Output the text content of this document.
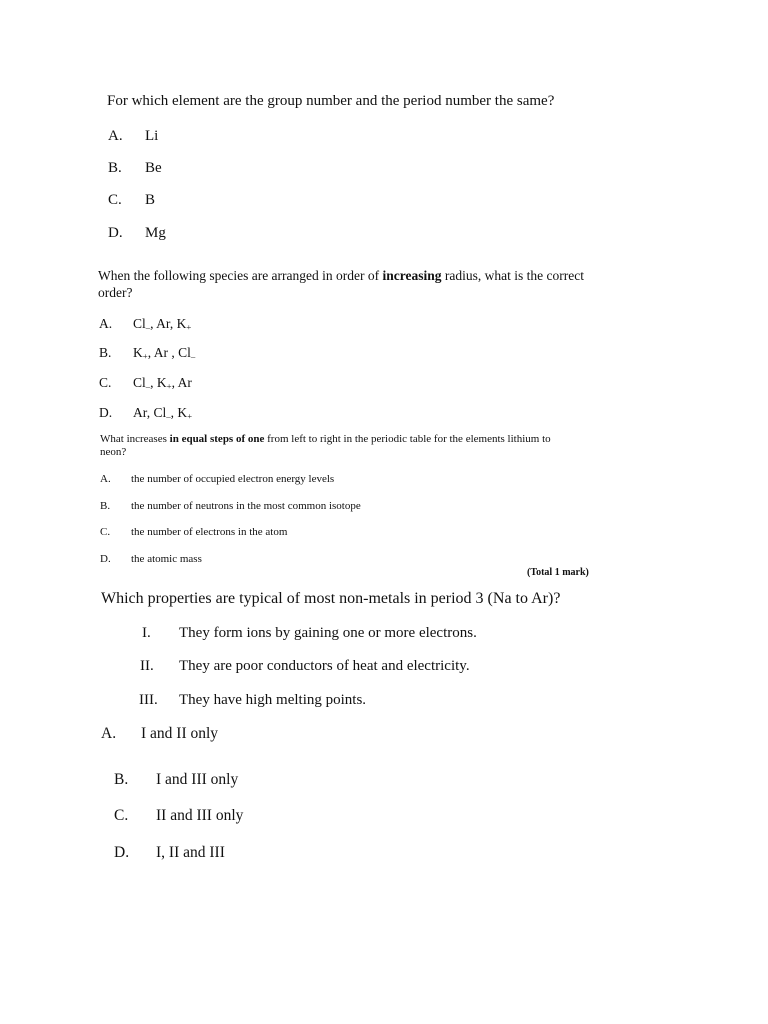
For which element are the group number and the period number the same?
A. Li
B. Be
C. B
D. Mg
When the following species are arranged in order of increasing radius, what is the correct order?
A. $Cl_-$, Ar, $K_+$
B. $K_+$, Ar , $Cl_-$
C. $Cl_-$, $K_+$, Ar
D. Ar, $Cl_-$, $K_+$
What increases in equal steps of one from left to right in the periodic table for the elements lithium to neon?
A. the number of occupied electron energy levels
B. the number of neutrons in the most common isotope
C. the number of electrons in the atom
D. the atomic mass
(Total 1 mark)
Which properties are typical of most non-metals in period 3 (Na to Ar)?
I. They form ions by gaining one or more electrons.
II. They are poor conductors of heat and electricity.
III. They have high melting points.
A. I and II only
B. I and III only
C. II and III only
D. I, II and III
